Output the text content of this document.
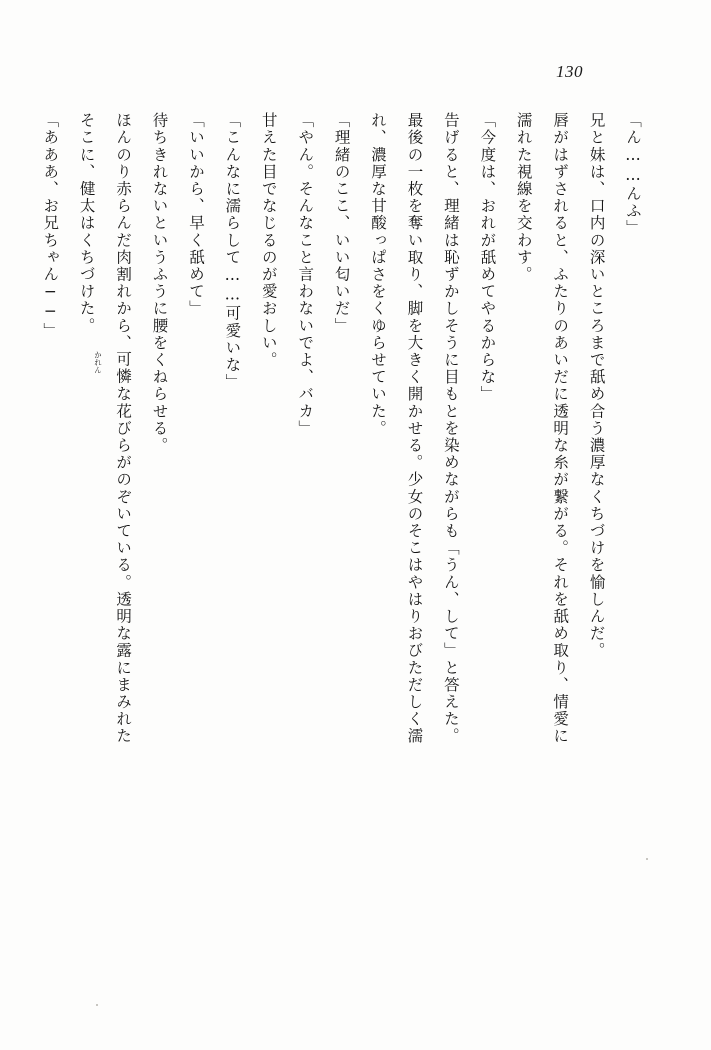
130
「ん……んふ」
兄と妹は、口内の深いところまで舐め合う濃厚なくちづけを愉しんだ。
唇がはずされると、ふたりのあいだに透明な糸が繋がる。それを舐め取り、情愛に
濡れた視線を交わす。
「今度は、おれが舐めてやるからな」
告げると、理緒は恥ずかしそうに目もとを染めながらも「うん、して」と答えた。
最後の一枚を奪い取り、脚を大きく開かせる。少女のそこはやはりおびただしく濡
れ、濃厚な甘酸っぱさをくゆらせていた。
「理緒のここ、いい匂いだ」
「やん。そんなこと言わないでよ、バカ」
甘えた目でなじるのが愛おしい。
「こんなに濡らして……可愛いな」
「いいから、早く舐めて」
待ちきれないというふうに腰をくねらせる。
ほんのり赤らんだ肉割れから、可憐
かれん
な花びらがのぞいている。透明な露にまみれた
そこに、健太はくちづけた。
「あああ、お兄ちゃん──」
